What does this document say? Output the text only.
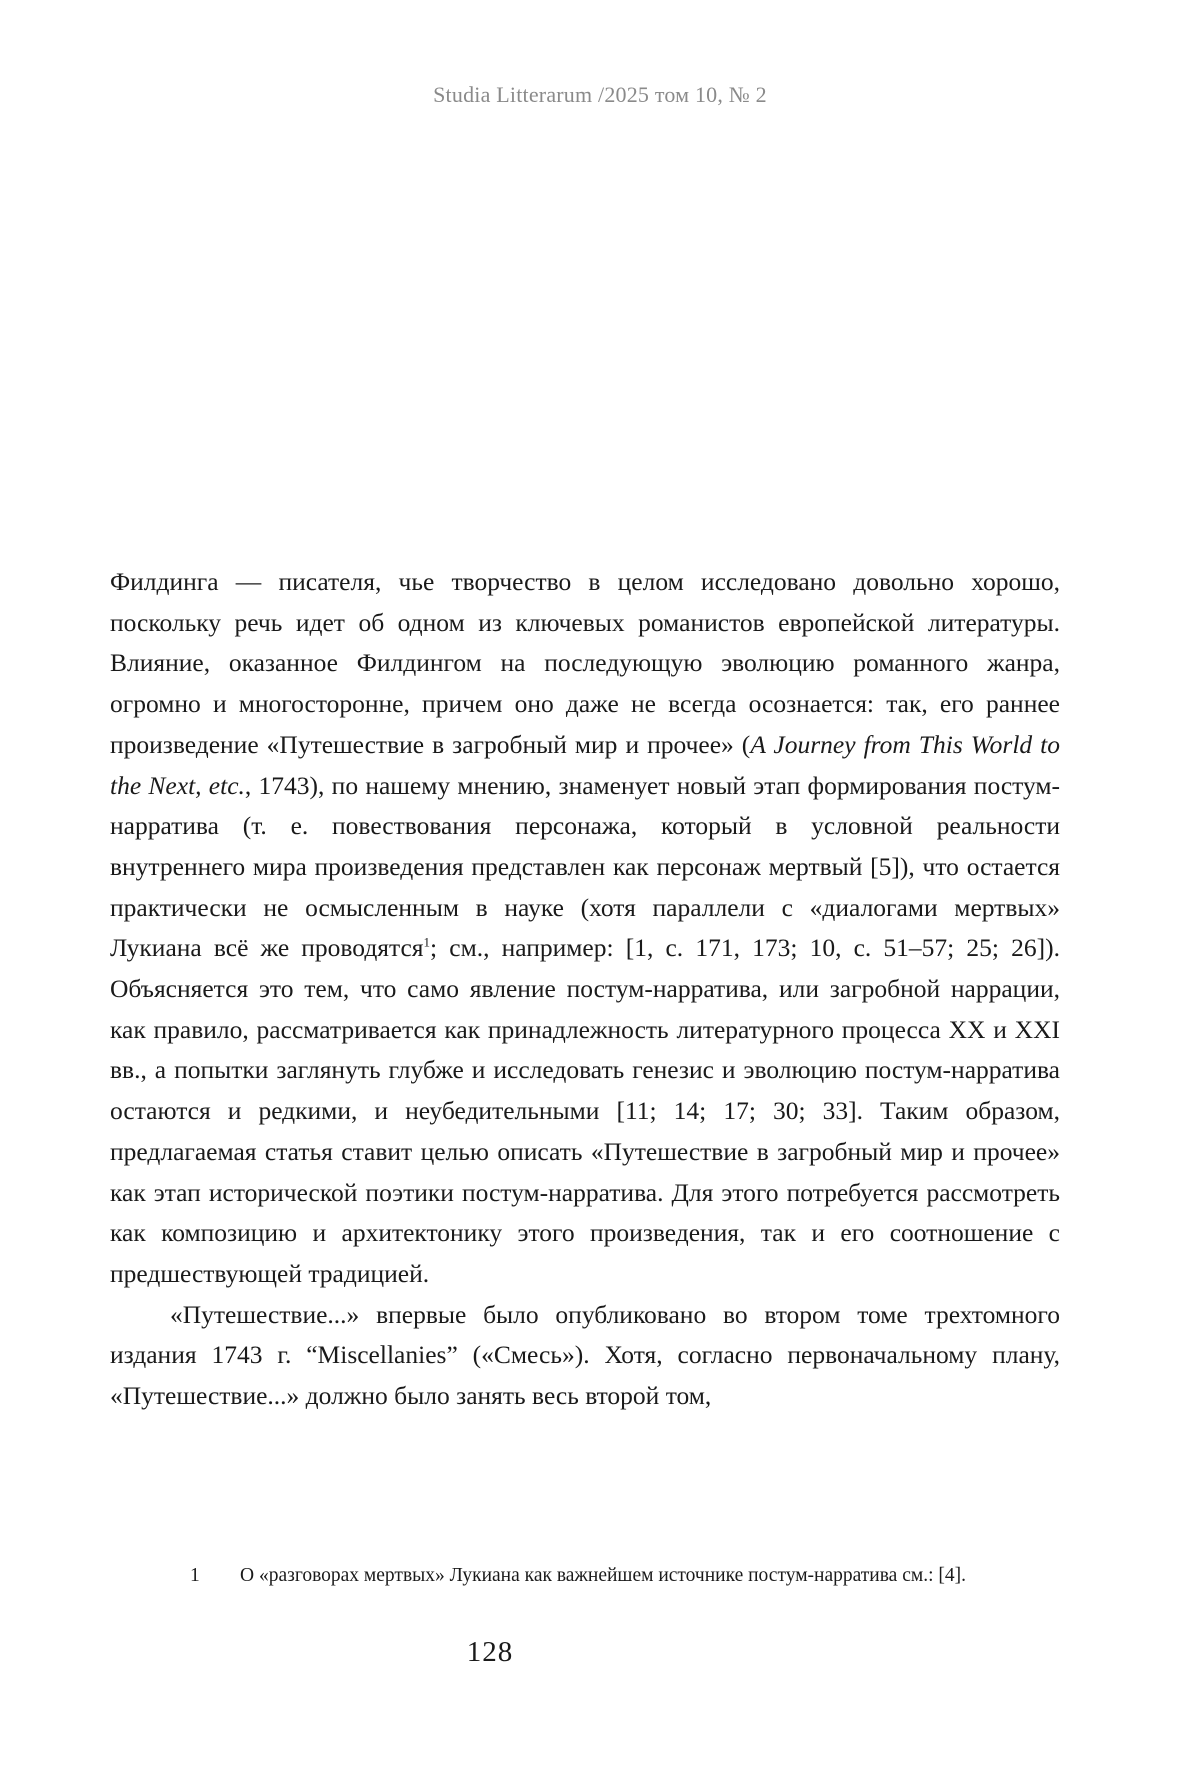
Studia Litterarum /2025 том 10, № 2

Филдинга — писателя, чье творчество в целом исследовано довольно хорошо, поскольку речь идет об одном из ключевых романистов европейской литературы. Влияние, оказанное Филдингом на последующую эволюцию романного жанра, огромно и многосторонне, причем оно даже не всегда осознается: так, его раннее произведение «Путешествие в загробный мир и прочее» (A Journey from This World to the Next, etc., 1743), по нашему мнению, знаменует новый этап формирования постум-нарратива (т. е. повествования персонажа, который в условной реальности внутреннего мира произведения представлен как персонаж мертвый [5]), что остается практически не осмысленным в науке (хотя параллели с «диалогами мертвых» Лукиана всё же проводятся$^1$; см., например: [1, с. 171, 173; 10, с. 51–57; 25; 26]). Объясняется это тем, что само явление постум-нарратива, или загробной наррации, как правило, рассматривается как принадлежность литературного процесса XX и XXI вв., а попытки заглянуть глубже и исследовать генезис и эволюцию постум-нарратива остаются и редкими, и неубедительными [11; 14; 17; 30; 33]. Таким образом, предлагаемая статья ставит целью описать «Путешествие в загробный мир и прочее» как этап исторической поэтики постум-нарратива. Для этого потребуется рассмотреть как композицию и архитектонику этого произведения, так и его соотношение с предшествующей традицией.

«Путешествие...» впервые было опубликовано во втором томе трехтомного издания 1743 г. “Miscellanies” («Смесь»). Хотя, согласно первоначальному плану, «Путешествие...» должно было занять весь второй том,

1 О «разговорах мертвых» Лукиана как важнейшем источнике постум-нарратива см.: [4].
128
